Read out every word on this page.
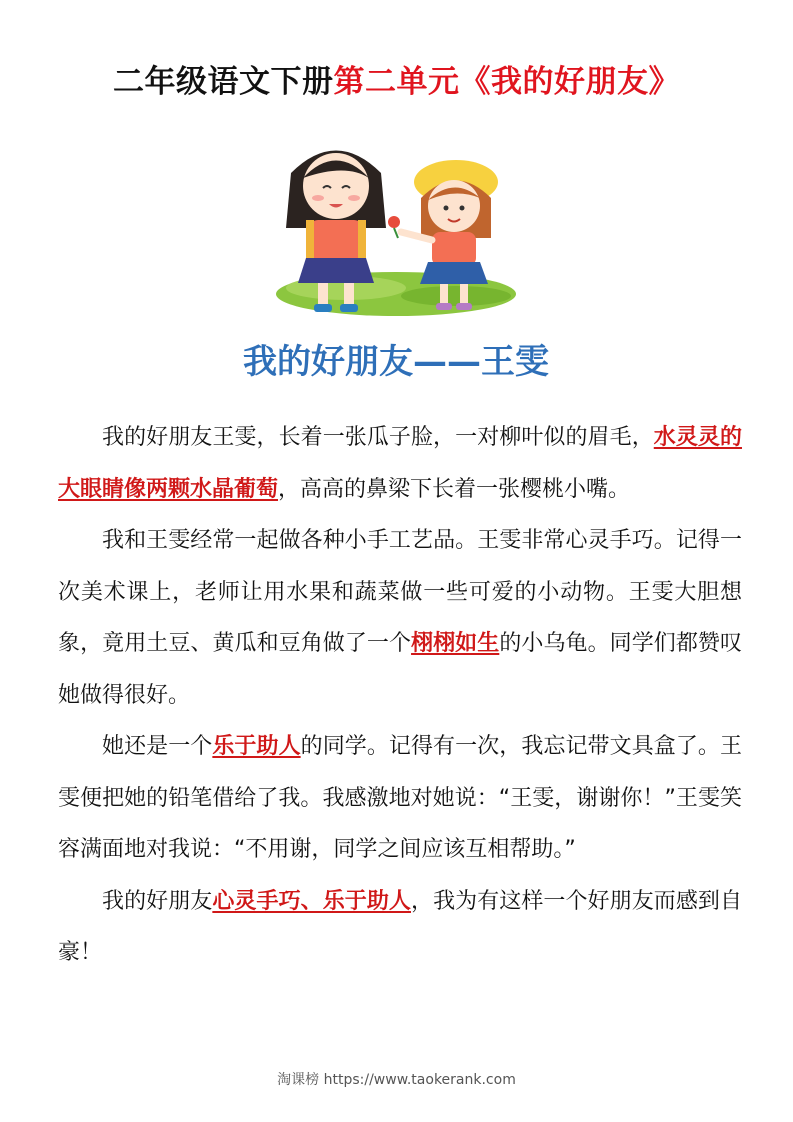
二年级语文下册第二单元《我的好朋友》
我的好朋友——王雯

我的好朋友王雯，长着一张瓜子脸，一对柳叶似的眉毛，水灵灵的大眼睛像两颗水晶葡萄，高高的鼻梁下长着一张樱桃小嘴。

我和王雯经常一起做各种小手工艺品。王雯非常心灵手巧。记得一次美术课上，老师让用水果和蔬菜做一些可爱的小动物。王雯大胆想象，竟用土豆、黄瓜和豆角做了一个栩栩如生的小乌龟。同学们都赞叹她做得很好。

她还是一个乐于助人的同学。记得有一次，我忘记带文具盒了。王雯便把她的铅笔借给了我。我感激地对她说：“王雯，谢谢你！”王雯笑容满面地对我说：“不用谢，同学之间应该互相帮助。”

我的好朋友心灵手巧、乐于助人，我为有这样一个好朋友而感到自豪！

淘课榜 https://www.taokerank.com
